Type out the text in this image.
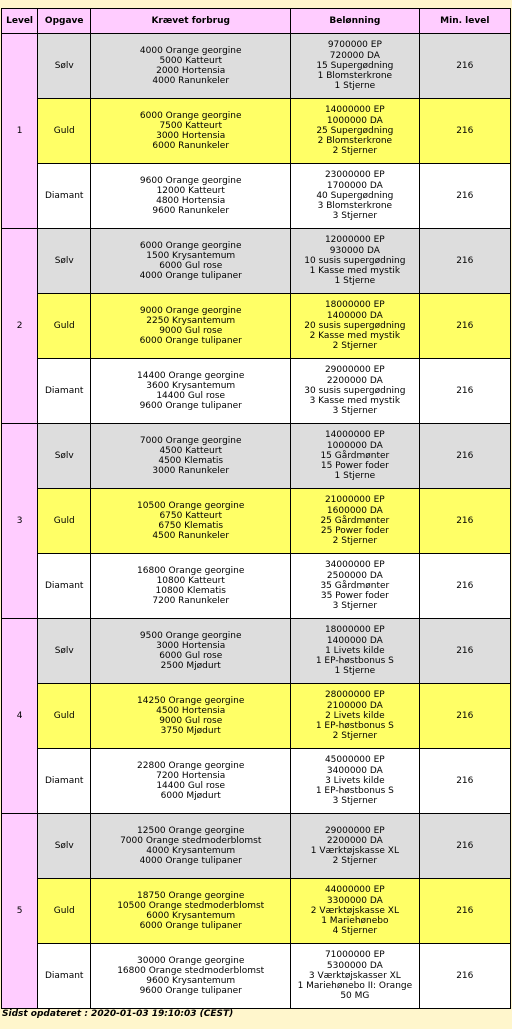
Level	Opgave	Krævet forbrug	Belønning	Min. level
1	Sølv	4000 Orange georgine
5000 Katteurt
2000 Hortensia
4000 Ranunkeler	9700000 EP
720000 DA
15 Supergødning
1 Blomsterkrone
1 Stjerne	216
	Guld	6000 Orange georgine
7500 Katteurt
3000 Hortensia
6000 Ranunkeler	14000000 EP
1000000 DA
25 Supergødning
2 Blomsterkrone
2 Stjerner	216
	Diamant	9600 Orange georgine
12000 Katteurt
4800 Hortensia
9600 Ranunkeler	23000000 EP
1700000 DA
40 Supergødning
3 Blomsterkrone
3 Stjerner	216
2	Sølv	6000 Orange georgine
1500 Krysantemum
6000 Gul rose
4000 Orange tulipaner	12000000 EP
930000 DA
10 susis supergødning
1 Kasse med mystik
1 Stjerne	216
	Guld	9000 Orange georgine
2250 Krysantemum
9000 Gul rose
6000 Orange tulipaner	18000000 EP
1400000 DA
20 susis supergødning
2 Kasse med mystik
2 Stjerner	216
	Diamant	14400 Orange georgine
3600 Krysantemum
14400 Gul rose
9600 Orange tulipaner	29000000 EP
2200000 DA
30 susis supergødning
3 Kasse med mystik
3 Stjerner	216
3	Sølv	7000 Orange georgine
4500 Katteurt
4500 Klematis
3000 Ranunkeler	14000000 EP
1000000 DA
15 Gårdmønter
15 Power foder
1 Stjerne	216
	Guld	10500 Orange georgine
6750 Katteurt
6750 Klematis
4500 Ranunkeler	21000000 EP
1600000 DA
25 Gårdmønter
25 Power foder
2 Stjerner	216
	Diamant	16800 Orange georgine
10800 Katteurt
10800 Klematis
7200 Ranunkeler	34000000 EP
2500000 DA
35 Gårdmønter
35 Power foder
3 Stjerner	216
4	Sølv	9500 Orange georgine
3000 Hortensia
6000 Gul rose
2500 Mjødurt	18000000 EP
1400000 DA
1 Livets kilde
1 EP-høstbonus S
1 Stjerne	216
	Guld	14250 Orange georgine
4500 Hortensia
9000 Gul rose
3750 Mjødurt	28000000 EP
2100000 DA
2 Livets kilde
1 EP-høstbonus S
2 Stjerner	216
	Diamant	22800 Orange georgine
7200 Hortensia
14400 Gul rose
6000 Mjødurt	45000000 EP
3400000 DA
3 Livets kilde
1 EP-høstbonus S
3 Stjerner	216
5	Sølv	12500 Orange georgine
7000 Orange stedmoderblomst
4000 Krysantemum
4000 Orange tulipaner	29000000 EP
2200000 DA
1 Værktøjskasse XL
2 Stjerner	216
	Guld	18750 Orange georgine
10500 Orange stedmoderblomst
6000 Krysantemum
6000 Orange tulipaner	44000000 EP
3300000 DA
2 Værktøjskasse XL
1 Mariehønebo
4 Stjerner	216
	Diamant	30000 Orange georgine
16800 Orange stedmoderblomst
9600 Krysantemum
9600 Orange tulipaner	71000000 EP
5300000 DA
3 Værktøjskasser XL
1 Mariehønebo II: Orange
50 MG	216
Sidst opdateret : 2020-01-03 19:10:03 (CEST)
